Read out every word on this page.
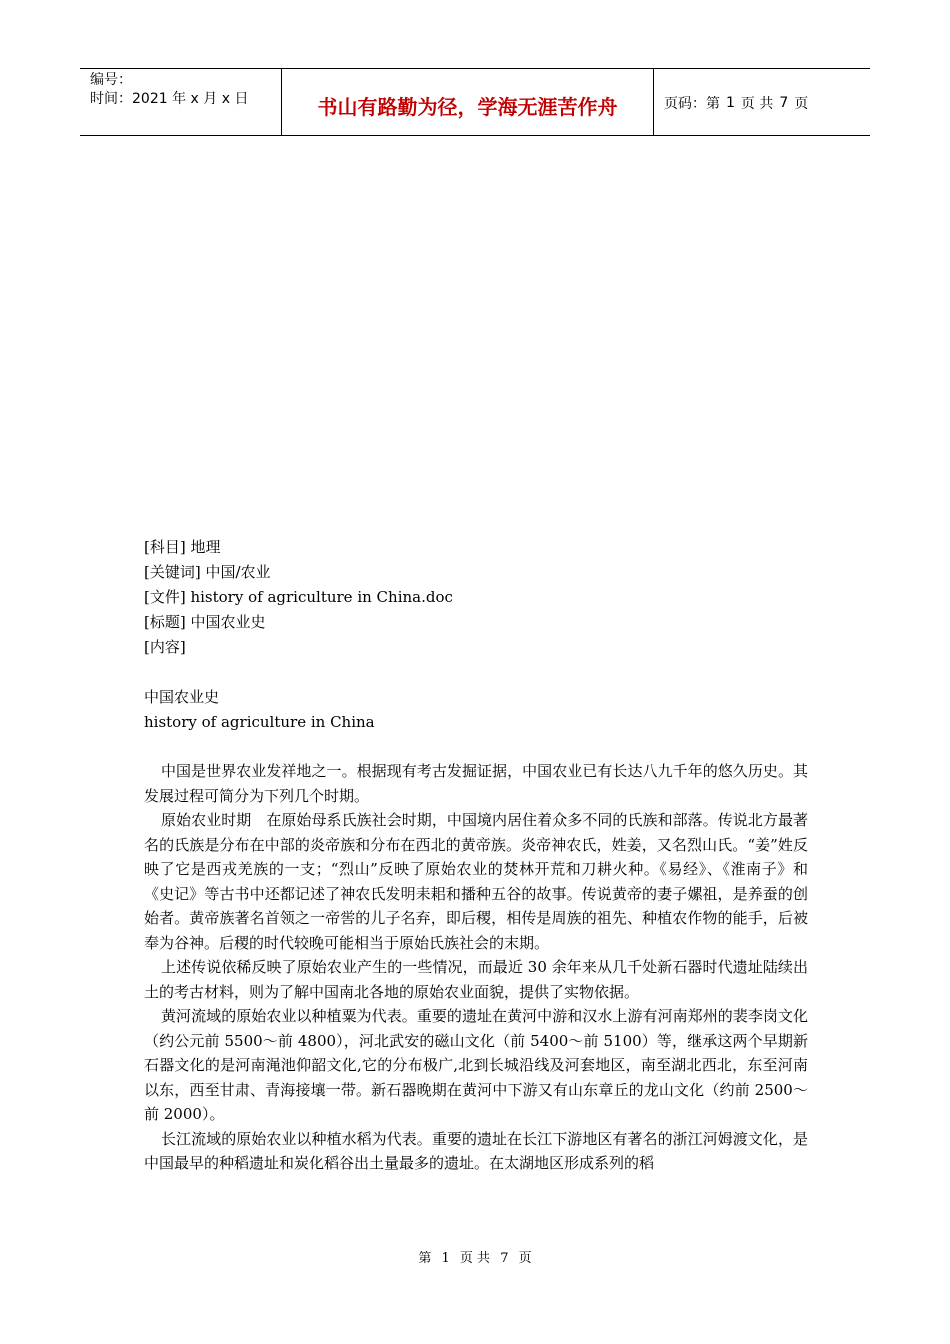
编号：
时间：2021 年 x 月 x 日	书山有路勤为径，学海无涯苦作舟	页码：第 1 页 共 7 页
[科目] 地理
[关键词] 中国/农业
[文件] history of agriculture in China.doc
[标题] 中国农业史
[内容]
中国农业史
history of agriculture in China

中国是世界农业发祥地之一。根据现有考古发掘证据，中国农业已有长达八九千年的悠久历史。其发展过程可简分为下列几个时期。

原始农业时期　在原始母系氏族社会时期，中国境内居住着众多不同的氏族和部落。传说北方最著名的氏族是分布在中部的炎帝族和分布在西北的黄帝族。炎帝神农氏，姓姜，又名烈山氏。“姜”姓反映了它是西戎羌族的一支；“烈山”反映了原始农业的焚林开荒和刀耕火种。《易经》、《淮南子》和《史记》等古书中还都记述了神农氏发明耒耜和播种五谷的故事。传说黄帝的妻子嫘祖，是养蚕的创始者。黄帝族著名首领之一帝喾的儿子名弃，即后稷，相传是周族的祖先、种植农作物的能手，后被奉为谷神。后稷的时代较晚可能相当于原始氏族社会的末期。

上述传说依稀反映了原始农业产生的一些情况，而最近 30 余年来从几千处新石器时代遗址陆续出土的考古材料，则为了解中国南北各地的原始农业面貌，提供了实物依据。

黄河流域的原始农业以种植粟为代表。重要的遗址在黄河中游和汉水上游有河南郑州的裴李岗文化（约公元前 5500～前 4800），河北武安的磁山文化（前 5400～前 5100）等，继承这两个早期新石器文化的是河南渑池仰韶文化,它的分布极广,北到长城沿线及河套地区，南至湖北西北，东至河南以东，西至甘肃、青海接壤一带。新石器晚期在黄河中下游又有山东章丘的龙山文化（约前 2500～前 2000）。

长江流域的原始农业以种植水稻为代表。重要的遗址在长江下游地区有著名的浙江河姆渡文化，是中国最早的种稻遗址和炭化稻谷出土量最多的遗址。在太湖地区形成系列的稻

第 1 页 共 7 页
